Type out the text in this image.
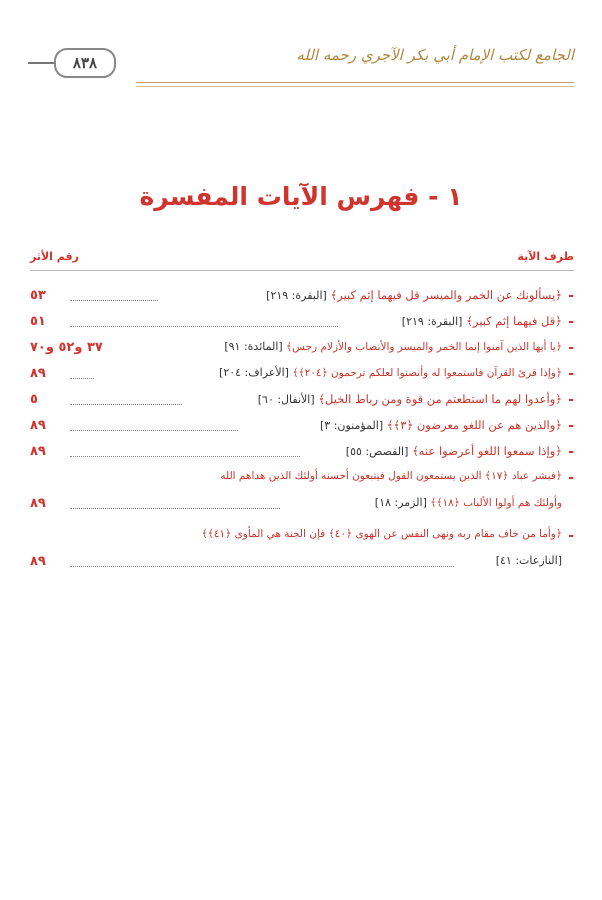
٨٣٨	الجامع لكتب الإمام أبي بكر الآجري رحمه الله
١ - فهرس الآيات المفسرة
طرف الآية
رقم الأثر
-
﴿يسألونك عن الخمر والميسر قل فيهما إثم كبير﴾ [البقرة: ٢١٩]
٥٣
-
﴿قل فيهما إثم كبير﴾ [البقرة: ٢١٩]
٥١
-
﴿يا أيها الذين آمنوا إنما الخمر والميسر والأنصاب والأزلام رجس﴾ [المائدة: ٩١]
٣٧ و٥٢ و٧٠
-
﴿وإذا قرئ القرآن فاستمعوا له وأنصتوا لعلكم ترحمون ﴿٢٠٤﴾﴾ [الأعراف: ٢٠٤]
٨٩
-
﴿وأعدوا لهم ما استطعتم من قوة ومن رباط الخيل﴾ [الأنفال: ٦٠]
٥
-
﴿والذين هم عن اللغو معرضون ﴿٣﴾﴾ [المؤمنون: ٣]
٨٩
-
﴿وإذا سمعوا اللغو أعرضوا عنه﴾ [القصص: ٥٥]
٨٩
-
﴿فبشر عباد ﴿١٧﴾ الذين يستمعون القول فيتبعون أحسنه أولئك الذين هداهم الله
وأولئك هم أولوا الألباب ﴿١٨﴾﴾ [الزمر: ١٨]
٨٩
-
﴿وأما من خاف مقام ربه ونهى النفس عن الهوى ﴿٤٠﴾ فإن الجنة هي المأوى ﴿٤١﴾﴾
[النازعات: ٤١]
٨٩
